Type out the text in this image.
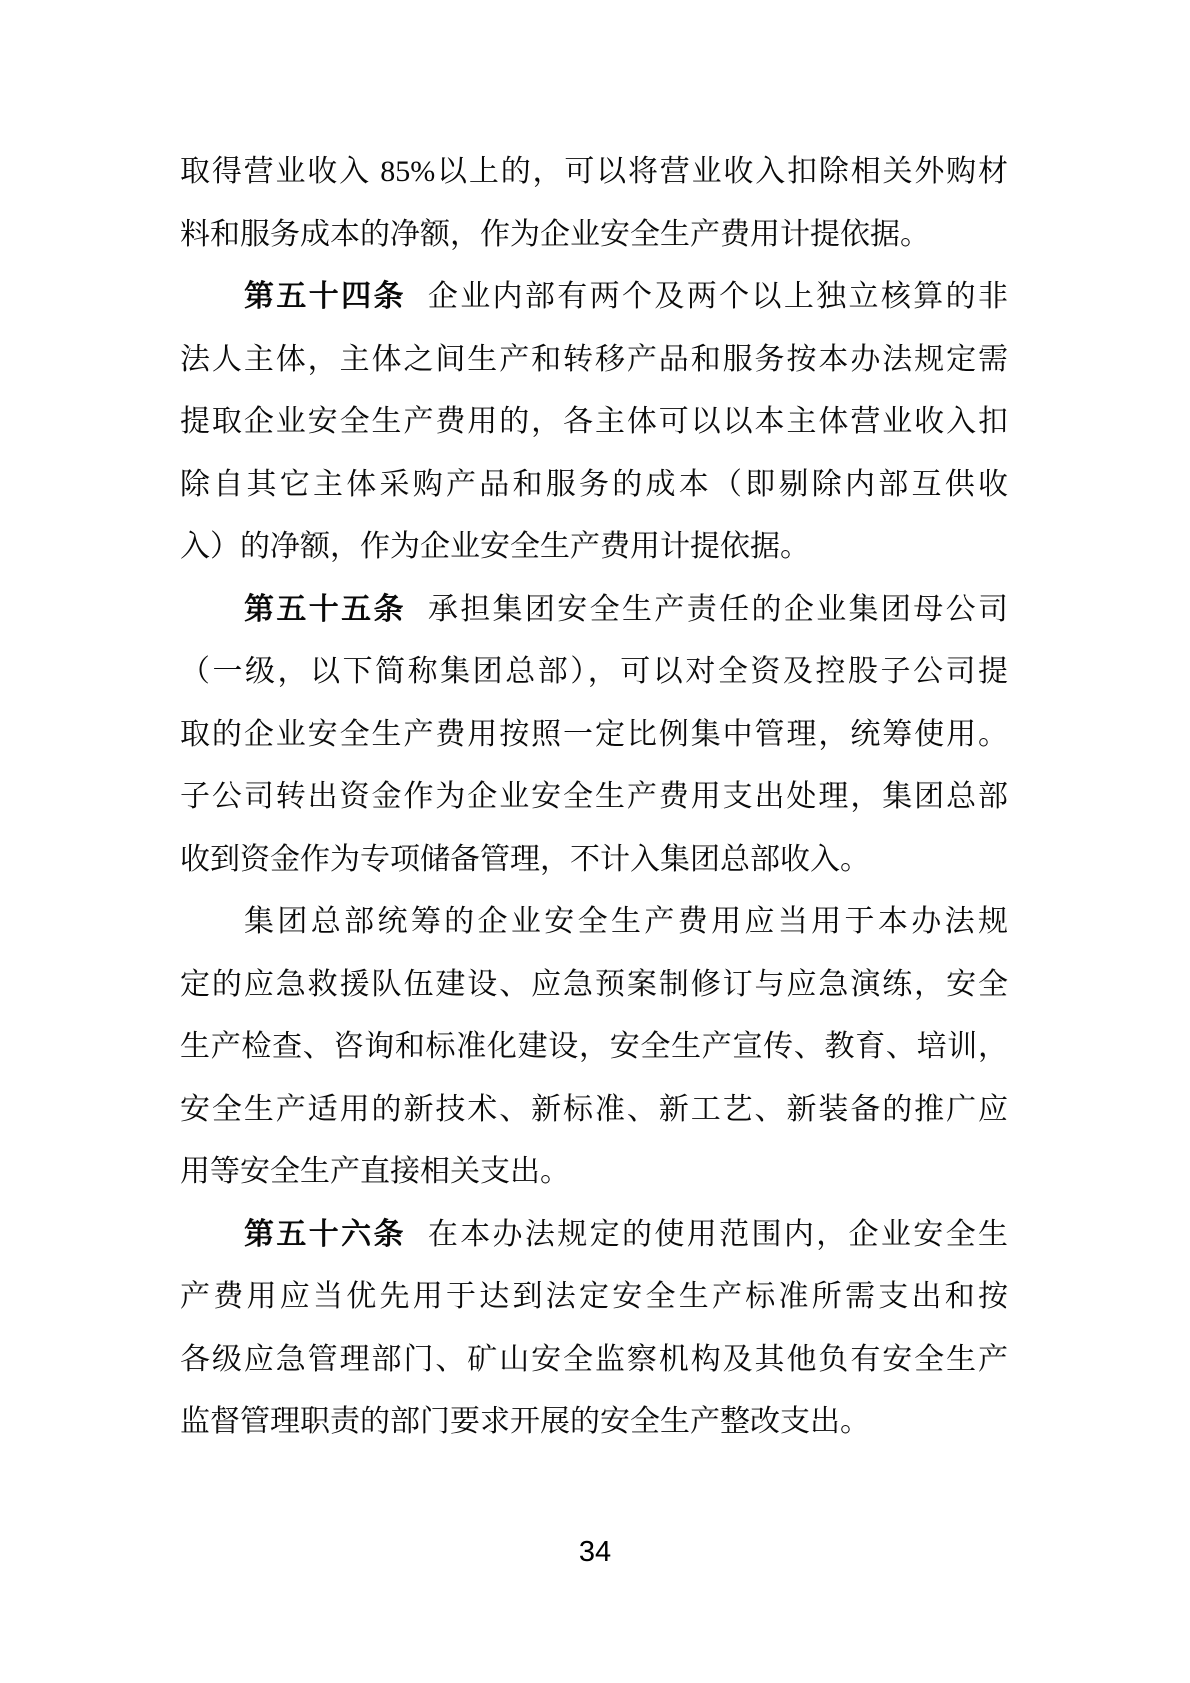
取得营业收入 85%以上的，可以将营业收入扣除相关外购材
料和服务成本的净额，作为企业安全生产费用计提依据。
第五十四条 企业内部有两个及两个以上独立核算的非
法人主体，主体之间生产和转移产品和服务按本办法规定需
提取企业安全生产费用的，各主体可以以本主体营业收入扣
除自其它主体采购产品和服务的成本（即剔除内部互供收
入）的净额，作为企业安全生产费用计提依据。
第五十五条 承担集团安全生产责任的企业集团母公司
（一级，以下简称集团总部），可以对全资及控股子公司提
取的企业安全生产费用按照一定比例集中管理，统筹使用。
子公司转出资金作为企业安全生产费用支出处理，集团总部
收到资金作为专项储备管理，不计入集团总部收入。
集团总部统筹的企业安全生产费用应当用于本办法规
定的应急救援队伍建设、应急预案制修订与应急演练，安全
生产检查、咨询和标准化建设，安全生产宣传、教育、培训，
安全生产适用的新技术、新标准、新工艺、新装备的推广应
用等安全生产直接相关支出。
第五十六条 在本办法规定的使用范围内，企业安全生
产费用应当优先用于达到法定安全生产标准所需支出和按
各级应急管理部门、矿山安全监察机构及其他负有安全生产
监督管理职责的部门要求开展的安全生产整改支出。
34
